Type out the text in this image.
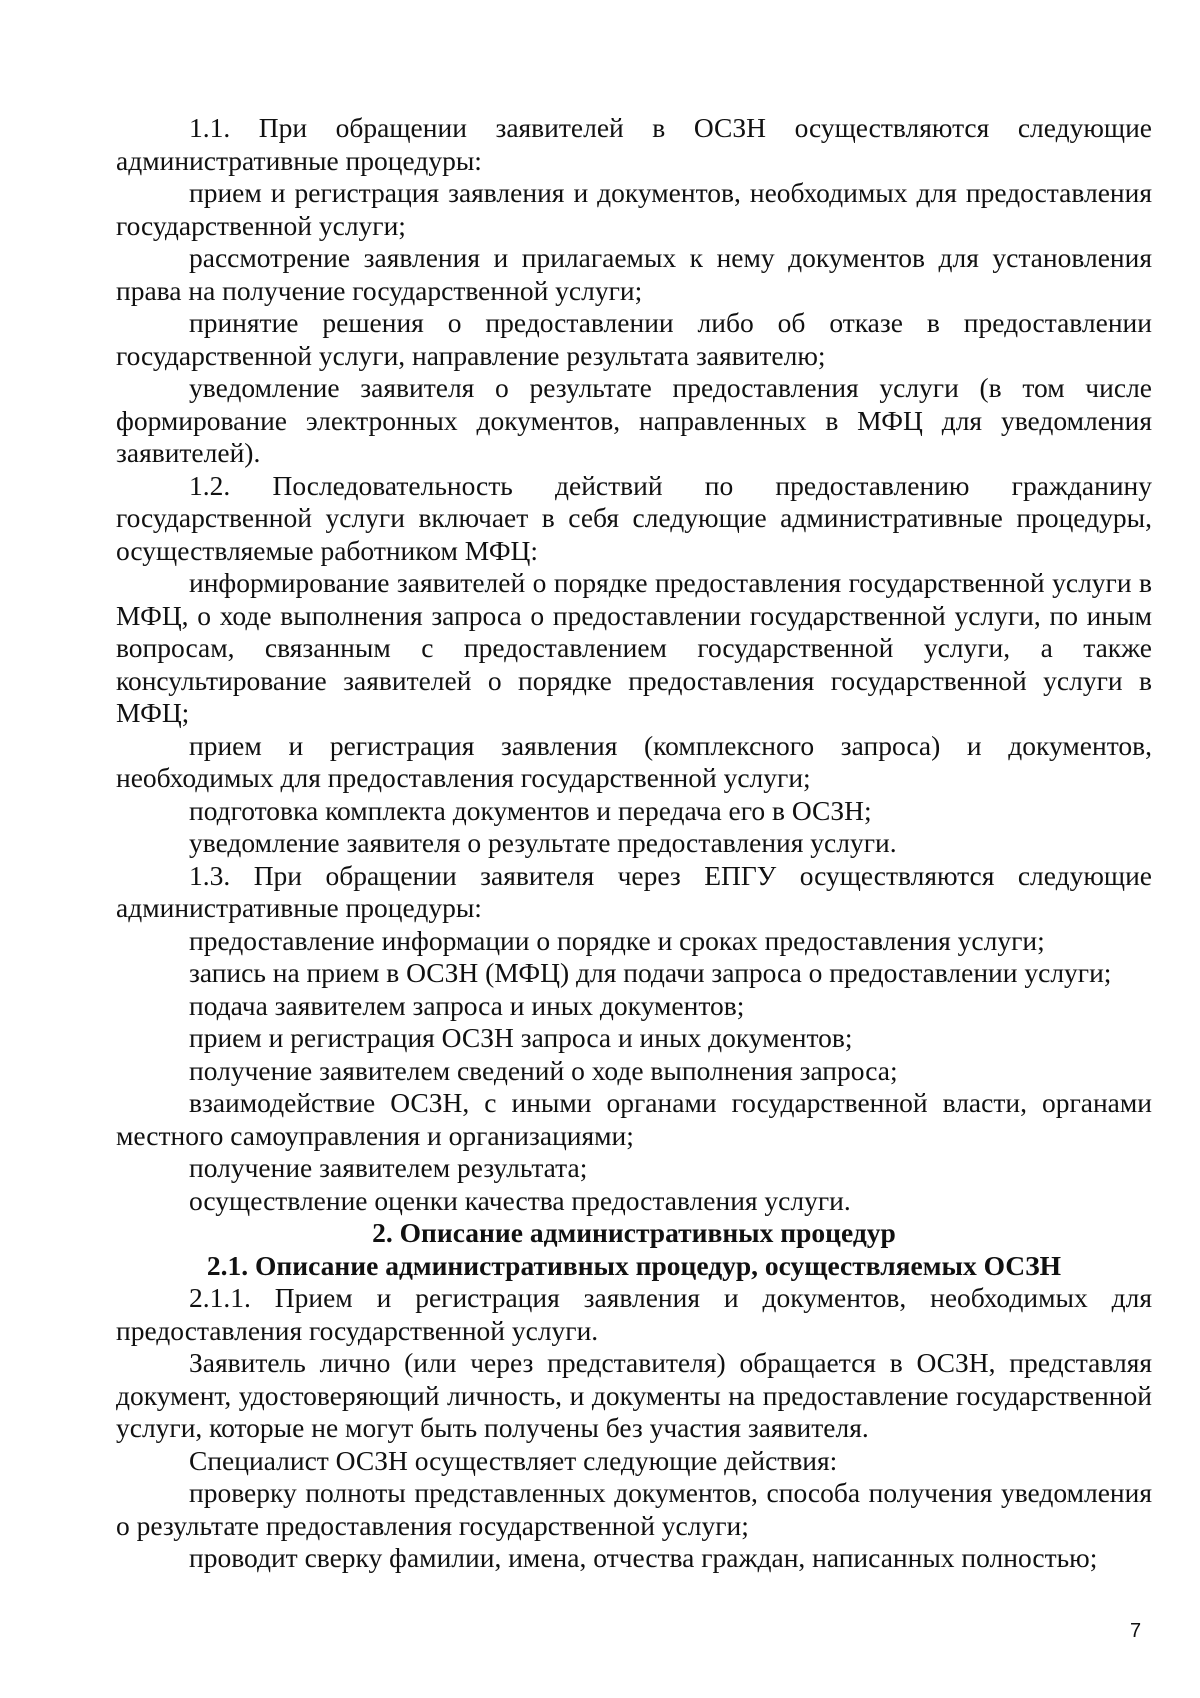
1.1. При обращении заявителей в ОСЗН осуществляются следующие административные процедуры:

прием и регистрация заявления и документов, необходимых для предоставления государственной услуги;

рассмотрение заявления и прилагаемых к нему документов для установления права на получение государственной услуги;

принятие решения о предоставлении либо об отказе в предоставлении государственной услуги, направление результата заявителю;

уведомление заявителя о результате предоставления услуги (в том числе формирование электронных документов, направленных в МФЦ для уведомления заявителей).

1.2. Последовательность действий по предоставлению гражданину государственной услуги включает в себя следующие административные процедуры, осуществляемые работником МФЦ:

информирование заявителей о порядке предоставления государственной услуги в МФЦ, о ходе выполнения запроса о предоставлении государственной услуги, по иным вопросам, связанным с предоставлением государственной услуги, а также консультирование заявителей о порядке предоставления государственной услуги в МФЦ;

прием и регистрация заявления (комплексного запроса) и документов, необходимых для предоставления государственной услуги;

подготовка комплекта документов и передача его в ОСЗН;

уведомление заявителя о результате предоставления услуги.

1.3. При обращении заявителя через ЕПГУ осуществляются следующие административные процедуры:

предоставление информации о порядке и сроках предоставления услуги;

запись на прием в ОСЗН (МФЦ) для подачи запроса о предоставлении услуги;

подача заявителем запроса и иных документов;

прием и регистрация ОСЗН запроса и иных документов;

получение заявителем сведений о ходе выполнения запроса;

взаимодействие ОСЗН, с иными органами государственной власти, органами местного самоуправления и организациями;

получение заявителем результата;

осуществление оценки качества предоставления услуги.

2. Описание административных процедур

2.1. Описание административных процедур, осуществляемых ОСЗН

2.1.1. Прием и регистрация заявления и документов, необходимых для предоставления государственной услуги.

Заявитель лично (или через представителя) обращается в ОСЗН, представляя документ, удостоверяющий личность, и документы на предоставление государственной услуги, которые не могут быть получены без участия заявителя.

Специалист ОСЗН осуществляет следующие действия:

проверку полноты представленных документов, способа получения уведомления о результате предоставления государственной услуги;

проводит сверку фамилии, имена, отчества граждан, написанных полностью;

7
